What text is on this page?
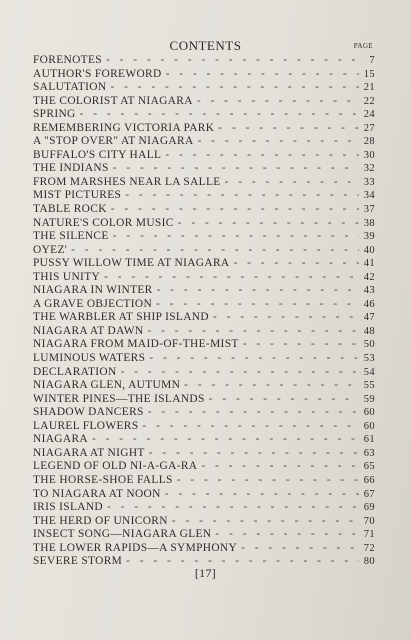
CONTENTS	PAGE
FORENOTES - - -	7
AUTHOR'S FOREWORD - - -	15
SALUTATION - - -	21
THE COLORIST AT NIAGARA - - -	22
SPRING - - -	24
REMEMBERING VICTORIA PARK - - -	27
A "STOP OVER" AT NIAGARA - - -	28
BUFFALO'S CITY HALL - - -	30
THE INDIANS - - -	32
FROM MARSHES NEAR LA SALLE - - -	33
MIST PICTURES - - -	34
TABLE ROCK - - -	37
NATURE'S COLOR MUSIC - - -	38
THE SILENCE - - -	39
OYEZ' - - -	40
PUSSY WILLOW TIME AT NIAGARA - - -	41
THIS UNITY - - -	42
NIAGARA IN WINTER - - -	43
A GRAVE OBJECTION - - -	46
THE WARBLER AT SHIP ISLAND - - -	47
NIAGARA AT DAWN - - -	48
NIAGARA FROM MAID-OF-THE-MIST - - -	50
LUMINOUS WATERS - - -	53
DECLARATION - - -	54
NIAGARA GLEN, AUTUMN - - -	55
WINTER PINES—THE ISLANDS - - -	59
SHADOW DANCERS - - -	60
LAUREL FLOWERS - - -	60
NIAGARA - - -	61
NIAGARA AT NIGHT - - -	63
LEGEND OF OLD NI-A-GA-RA - - -	65
THE HORSE-SHOE FALLS - - -	66
TO NIAGARA AT NOON - - -	67
IRIS ISLAND - - -	69
THE HERD OF UNICORN - - -	70
INSECT SONG—NIAGARA GLEN - - -	71
THE LOWER RAPIDS—A SYMPHONY - - -	72
SEVERE STORM - - -	80
[17]
